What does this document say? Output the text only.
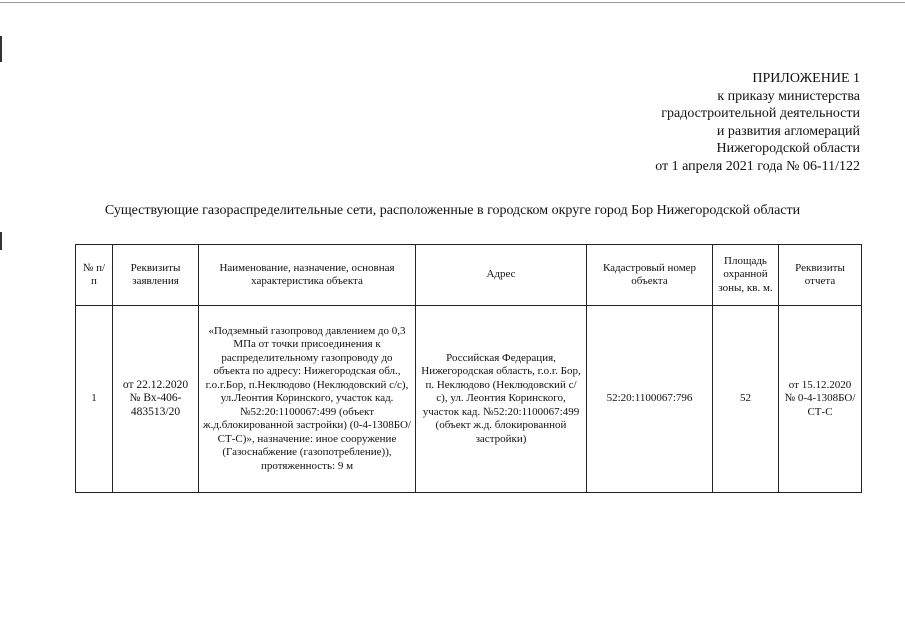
ПРИЛОЖЕНИЕ 1
к приказу министерства
градостроительной деятельности
и развития агломераций
Нижегородской области
от 1 апреля 2021 года № 06-11/122
Существующие газораспределительные сети, расположенные в городском округе город Бор Нижегородской области
№ п/п	Реквизиты заявления	Наименование, назначение, основная характеристика объекта	Адрес	Кадастровый номер объекта	Площадь охранной зоны, кв. м.	Реквизиты отчета
1	от 22.12.2020 № Вх-406-483513/20	«Подземный газопровод давлением до 0,3 МПа от точки присоединения к распределительному газопроводу до объекта по адресу: Нижегородская обл., г.о.г.Бор, п.Неклюдово (Неклюдовский с/с), ул.Леонтия Коринского, участок кад. №52:20:1100067:499 (объект ж.д.блокированной застройки) (0-4-1308БО/СТ-С)», назначение: иное сооружение (Газоснабжение (газопотребление)), протяженность: 9 м	Российская Федерация, Нижегородская область, г.о.г. Бор, п. Неклюдово (Неклюдовский с/с), ул. Леонтия Коринского, участок кад. №52:20:1100067:499 (объект ж.д. блокированной застройки)	52:20:1100067:796	52	от 15.12.2020 № 0-4-1308БО/СТ-С
